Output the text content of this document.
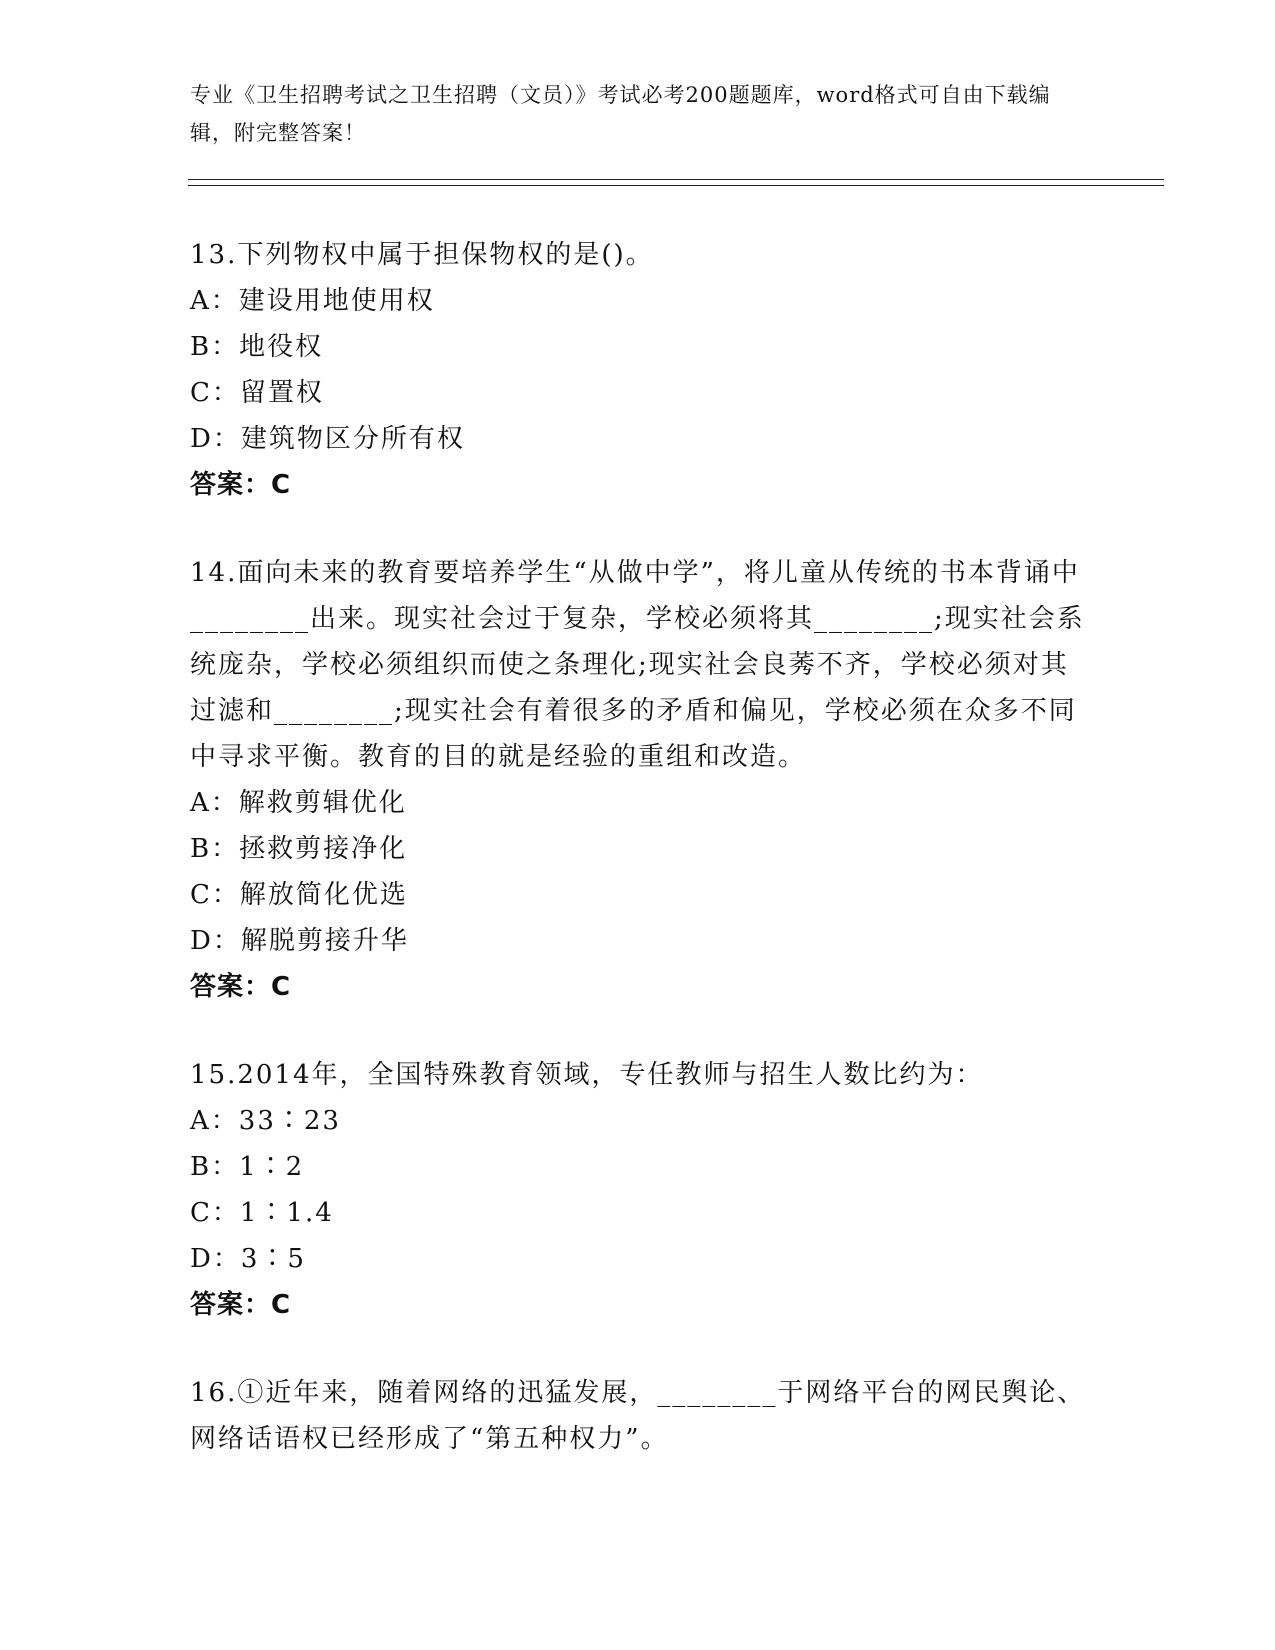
专业《卫生招聘考试之卫生招聘（文员）》考试必考200题题库，word格式可自由下载编辑，附完整答案！
13.下列物权中属于担保物权的是()。
A：建设用地使用权
B：地役权
C：留置权
D：建筑物区分所有权
答案：C
14.面向未来的教育要培养学生“从做中学”，将儿童从传统的书本背诵中________出来。现实社会过于复杂，学校必须将其________;现实社会系统庞杂，学校必须组织而使之条理化;现实社会良莠不齐，学校必须对其过滤和________;现实社会有着很多的矛盾和偏见，学校必须在众多不同中寻求平衡。教育的目的就是经验的重组和改造。
A：解救剪辑优化
B：拯救剪接净化
C：解放简化优选
D：解脱剪接升华
答案：C
15.2014年，全国特殊教育领域，专任教师与招生人数比约为：
A：33∶23
B：1∶2
C：1∶1.4
D：3∶5
答案：C
16.①近年来，随着网络的迅猛发展，________于网络平台的网民舆论、网络话语权已经形成了“第五种权力”。
